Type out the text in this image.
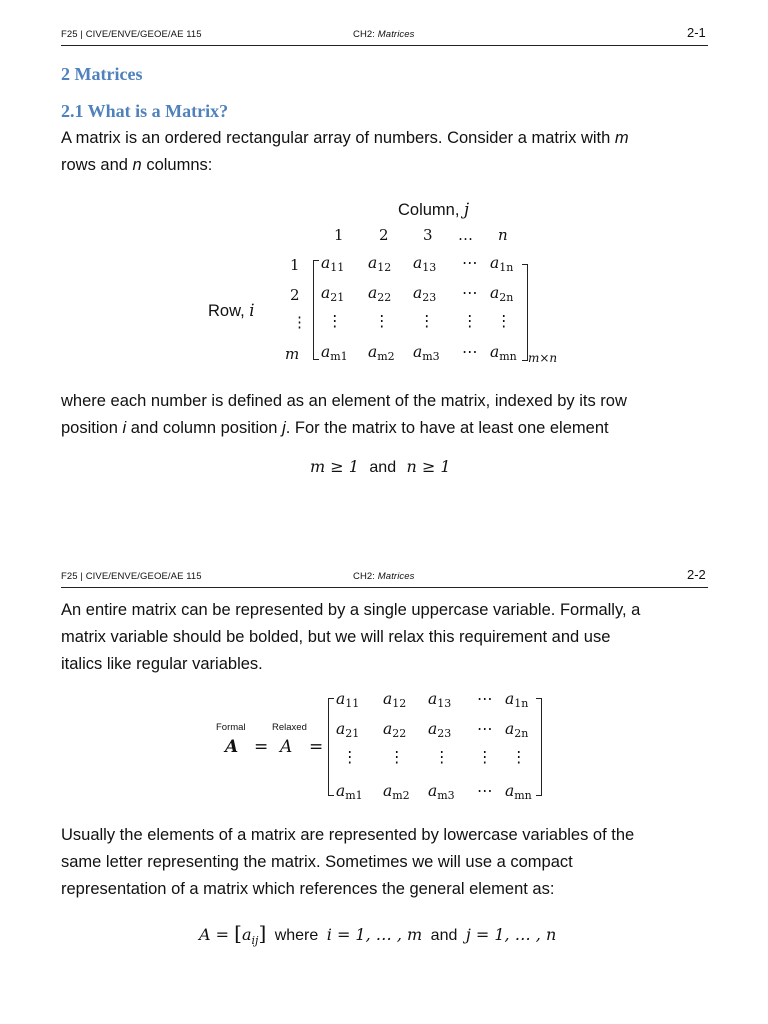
F25 | CIVE/ENVE/GEOE/AE 115	CH2: Matrices	2-1
2 Matrices
2.1 What is a Matrix?
A matrix is an ordered rectangular array of numbers. Consider a matrix with m
rows and n columns:
Column, j
Row, i
1 2 3 … n
1
2
⋮
m
$a_{11}$ $a_{12}$ $a_{13}$ ⋯ $a_{1n}$
$a_{21}$ $a_{22}$ $a_{23}$ ⋯ $a_{2n}$
⋮ ⋮ ⋮ ⋮ ⋮
$a_{m1}$ $a_{m2}$ $a_{m3}$ ⋯ $a_{mn}$ m×n
where each number is defined as an element of the matrix, indexed by its row
position i and column position j. For the matrix to have at least one element
m ≥ 1 and n ≥ 1
F25 | CIVE/ENVE/GEOE/AE 115	CH2: Matrices	2-2
An entire matrix can be represented by a single uppercase variable. Formally, a
matrix variable should be bolded, but we will relax this requirement and use
italics like regular variables.
Formal	Relaxed
A = A =
$a_{11}$ $a_{12}$ $a_{13}$ ⋯ $a_{1n}$
$a_{21}$ $a_{22}$ $a_{23}$ ⋯ $a_{2n}$
⋮ ⋮ ⋮ ⋮ ⋮
$a_{m1}$ $a_{m2}$ $a_{m3}$ ⋯ $a_{mn}$
Usually the elements of a matrix are represented by lowercase variables of the
same letter representing the matrix. Sometimes we will use a compact
representation of a matrix which references the general element as:
$A = [a_{ij}]$ where i = 1, … , m and j = 1, … , n
